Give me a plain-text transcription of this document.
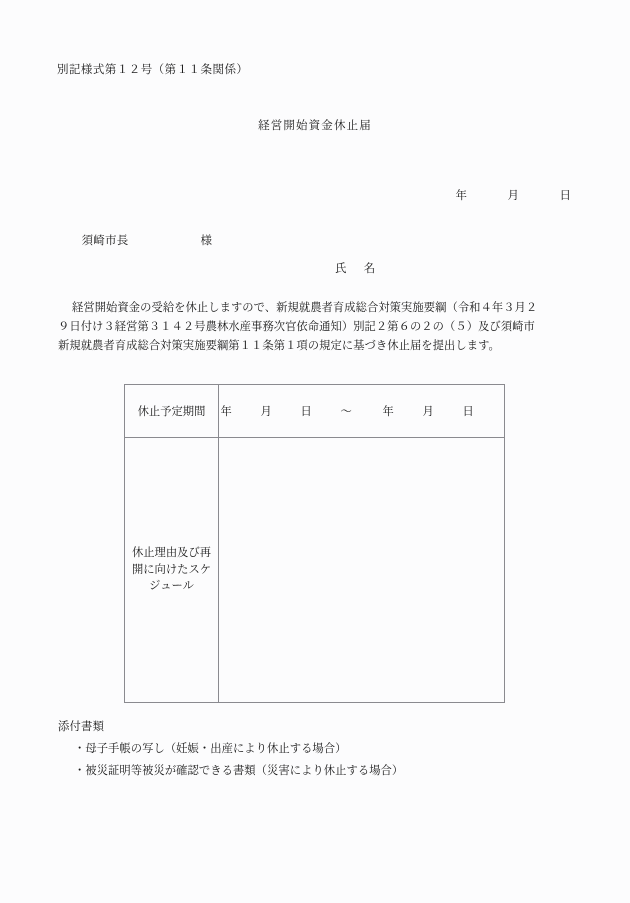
別記様式第１２号（第１１条関係）
経営開始資金休止届

年	月	日

須崎市長	様

氏　名
経営開始資金の受給を休止しますので、新規就農者育成総合対策実施要綱（令和４年３月２
９日付け３経営第３１４２号農林水産事務次官依命通知）別記２第６の２の（５）及び須崎市
新規就農者育成総合対策実施要綱第１１条第１項の規定に基づき休止届を提出します。
休止予定期間	年 月 日 ～ 年 月 日

休止理由及び再
開に向けたスケ
ジュール	

添付書類
・母子手帳の写し（妊娠・出産により休止する場合）
・被災証明等被災が確認できる書類（災害により休止する場合）
